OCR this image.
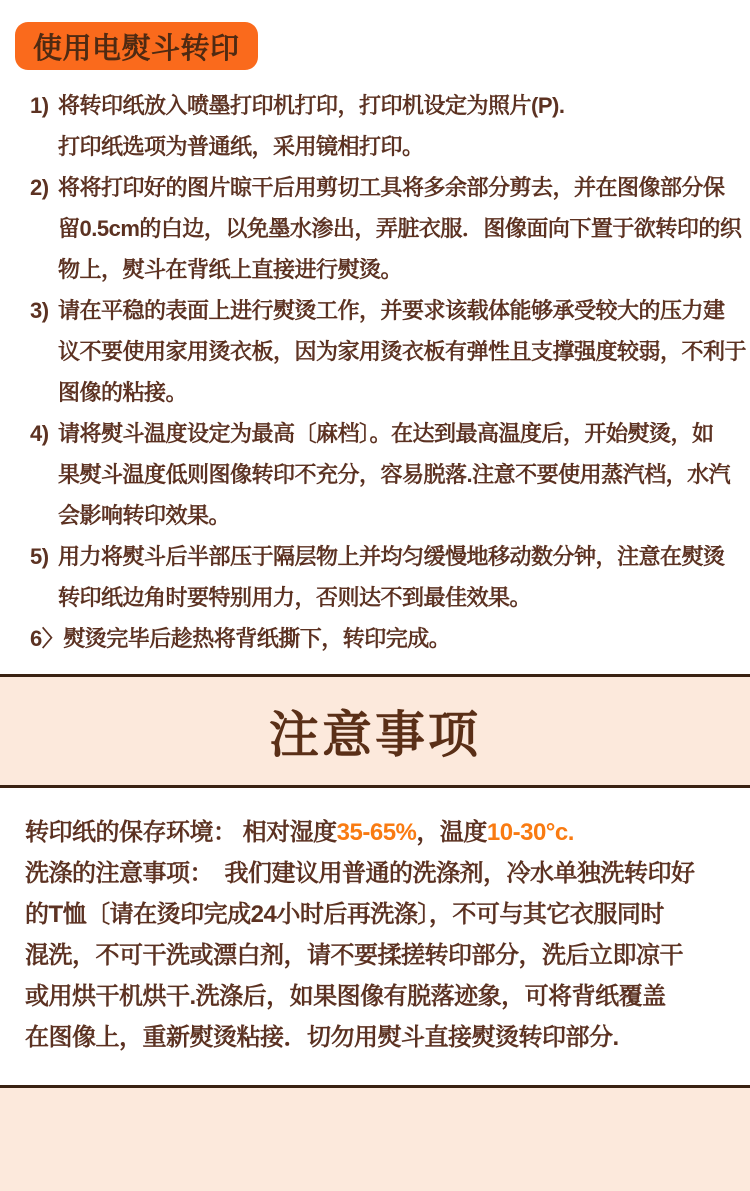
使用电熨斗转印
1) 将转印纸放入喷墨打印机打印，打印机设定为照片(P).
打印纸选项为普通纸，采用镜相打印。
2) 将将打印好的图片晾干后用剪切工具将多余部分剪去，并在图像部分保
留0.5cm的白边，以免墨水渗出，弄脏衣服．图像面向下置于欲转印的织
物上，熨斗在背纸上直接进行熨烫。
3) 请在平稳的表面上进行熨烫工作，并要求该载体能够承受较大的压力建
议不要使用家用烫衣板，因为家用烫衣板有弹性且支撑强度较弱，不利于
图像的粘接。
4) 请将熨斗温度设定为最高〔麻档〕。在达到最高温度后，开始熨烫，如
果熨斗温度低则图像转印不充分，容易脱落.注意不要使用蒸汽档，水汽
会影响转印效果。
5) 用力将熨斗后半部压于隔层物上并均匀缓慢地移动数分钟，注意在熨烫
转印纸边角时要特别用力，否则达不到最佳效果。
6〉 熨烫完毕后趁热将背纸撕下，转印完成。
注意事项
转印纸的保存环境： 相对湿度35-65%，温度10-30°c.
洗涤的注意事项：　我们建议用普通的洗涤剂，冷水单独洗转印好
的T恤〔请在烫印完成24小时后再洗涤〕，不可与其它衣服同时
混洗，不可干洗或漂白剂，请不要揉搓转印部分，洗后立即凉干
或用烘干机烘干.洗涤后，如果图像有脱落迹象，可将背纸覆盖
在图像上，重新熨烫粘接．切勿用熨斗直接熨烫转印部分.
